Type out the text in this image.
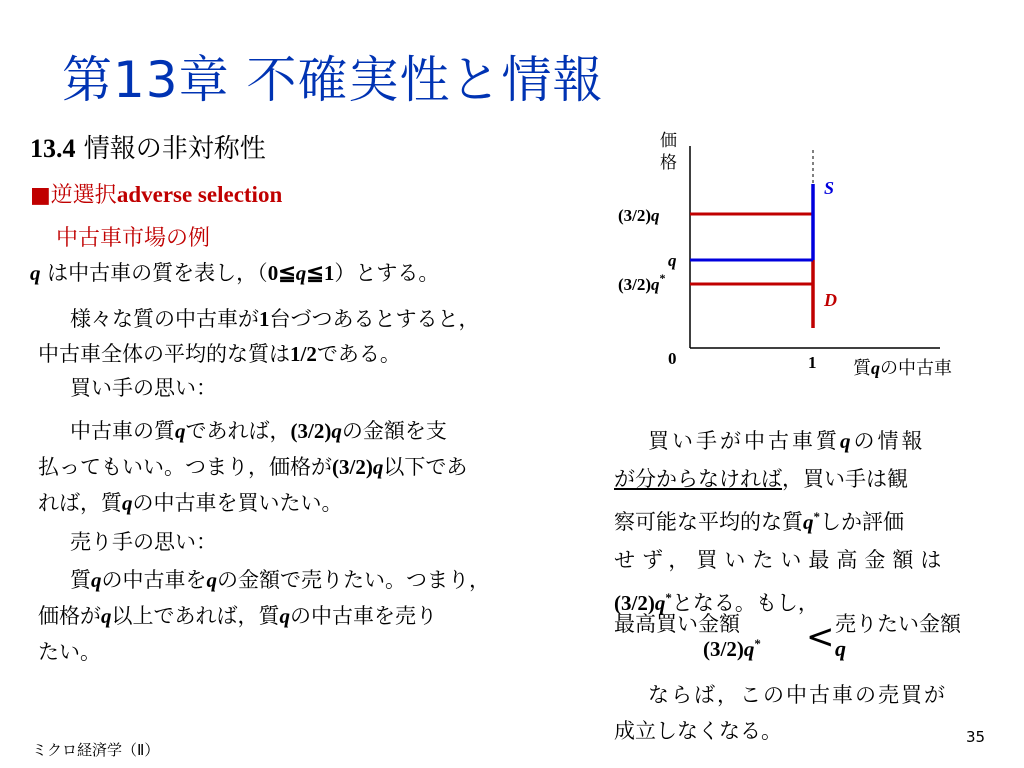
第13章 不確実性と情報
13.4 情報の非対称性
■逆選択adverse selection
中古車市場の例
q は中古車の質を表し，（0≦q≦1）とする。
様々な質の中古車が1台づつあるとすると，
中古車全体の平均的な質は1/2である。
買い手の思い：
中古車の質qであれば，(3/2)qの金額を支
払ってもいい。つまり，価格が(3/2)q以下であ
れば，質qの中古車を買いたい。
売り手の思い：
質qの中古車をqの金額で売りたい。つまり，
価格がq以上であれば，質qの中古車を売り
たい。
価
格
(3/2)q
q
(3/2)q*
S
D
0	1 質qの中古車
買い手が中古車質qの情報
が分からなければ，買い手は観
察可能な平均的な質q*しか評価
せず，買いたい最高金額は
(3/2)q*となる。もし，
最高買い金額
(3/2)q* < 売りたい金額
q
ならば，この中古車の売買が
成立しなくなる。
ミクロ経済学（Ⅱ）
35
